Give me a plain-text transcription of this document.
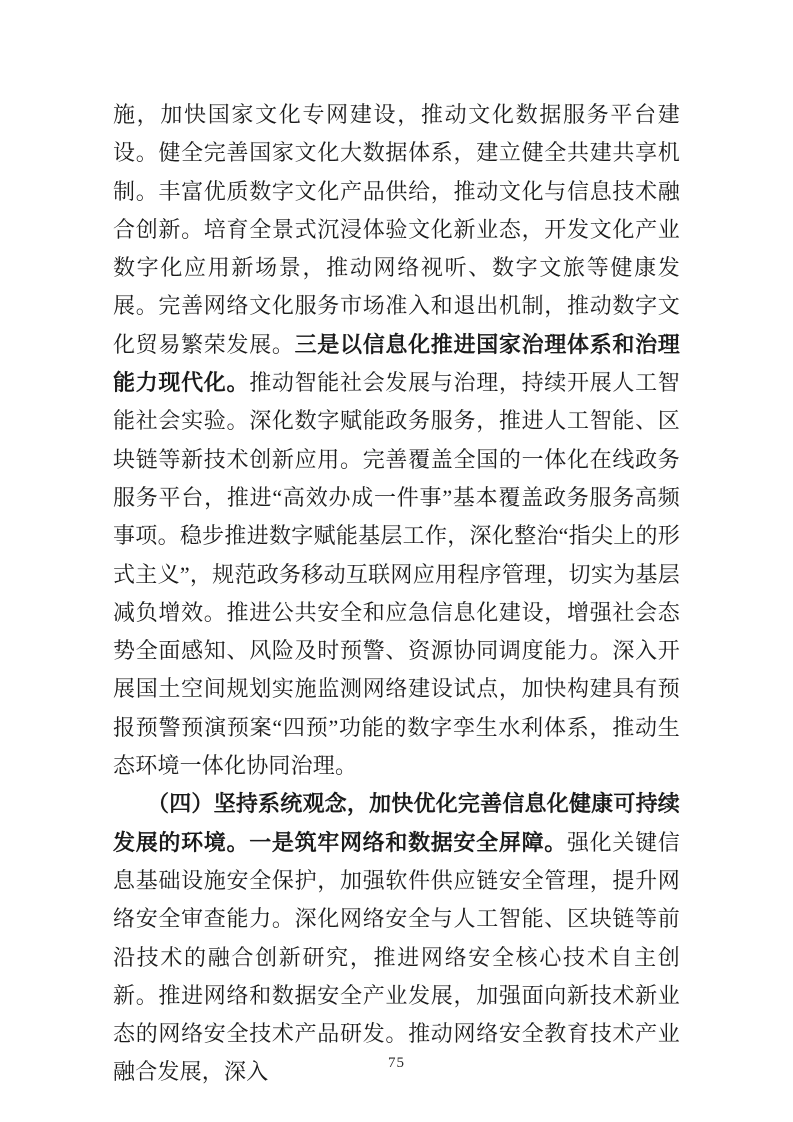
施，加快国家文化专网建设，推动文化数据服务平台建设。健全完善国家文化大数据体系，建立健全共建共享机制。丰富优质数字文化产品供给，推动文化与信息技术融合创新。培育全景式沉浸体验文化新业态，开发文化产业数字化应用新场景，推动网络视听、数字文旅等健康发展。完善网络文化服务市场准入和退出机制，推动数字文化贸易繁荣发展。三是以信息化推进国家治理体系和治理能力现代化。推动智能社会发展与治理，持续开展人工智能社会实验。深化数字赋能政务服务，推进人工智能、区块链等新技术创新应用。完善覆盖全国的一体化在线政务服务平台，推进“高效办成一件事”基本覆盖政务服务高频事项。稳步推进数字赋能基层工作，深化整治“指尖上的形式主义”，规范政务移动互联网应用程序管理，切实为基层减负增效。推进公共安全和应急信息化建设，增强社会态势全面感知、风险及时预警、资源协同调度能力。深入开展国土空间规划实施监测网络建设试点，加快构建具有预报预警预演预案“四预”功能的数字孪生水利体系，推动生态环境一体化协同治理。

（四）坚持系统观念，加快优化完善信息化健康可持续发展的环境。一是筑牢网络和数据安全屏障。强化关键信息基础设施安全保护，加强软件供应链安全管理，提升网络安全审查能力。深化网络安全与人工智能、区块链等前沿技术的融合创新研究，推进网络安全核心技术自主创新。推进网络和数据安全产业发展，加强面向新技术新业态的网络安全技术产品研发。推动网络安全教育技术产业融合发展，深入	75
